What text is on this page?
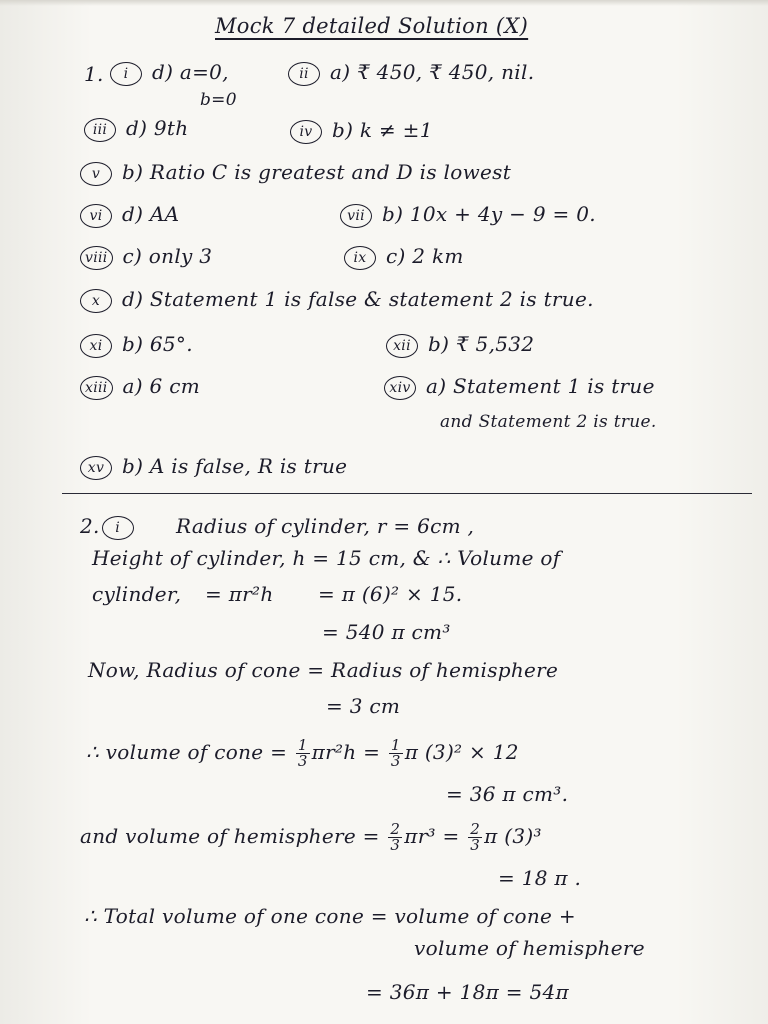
Mock 7 detailed Solution (X)
1.	i d) a=0,
b=0
ii a) ₹ 450, ₹ 450, nil.
iii d) 9th	iv b) k ≠ ±1
v b) Ratio C is greatest and D is lowest
vi d) AA	vii b) 10x + 4y − 9 = 0.
viii c) only 3	ix c) 2 km
x d) Statement 1 is false & statement 2 is true.
xi b) 65°.	xii b) ₹ 5,532
xiii a) 6 cm	xiv a) Statement 1 is true
and Statement 2 is true.
xv b) A is false, R is true
2. i	Radius of cylinder, r = 6cm ,
Height of cylinder, h = 15 cm, & ∴ Volume of
cylinder, = πr²h = π (6)² × 15.
= 540 π cm³
Now, Radius of cone = Radius of hemisphere
= 3 cm
∴ volume of cone = $\frac{1}{3} \pi r^2h = \frac{1}{3}$ π (3)² × 12
= 36 π cm³.
and volume of hemisphere = $\frac{2}{3} \pi r^3 = \frac{2}{3}$ π (3)³
= 18 π .
∴ Total volume of one cone = volume of cone +
volume of hemisphere
= 36π + 18π = 54π
